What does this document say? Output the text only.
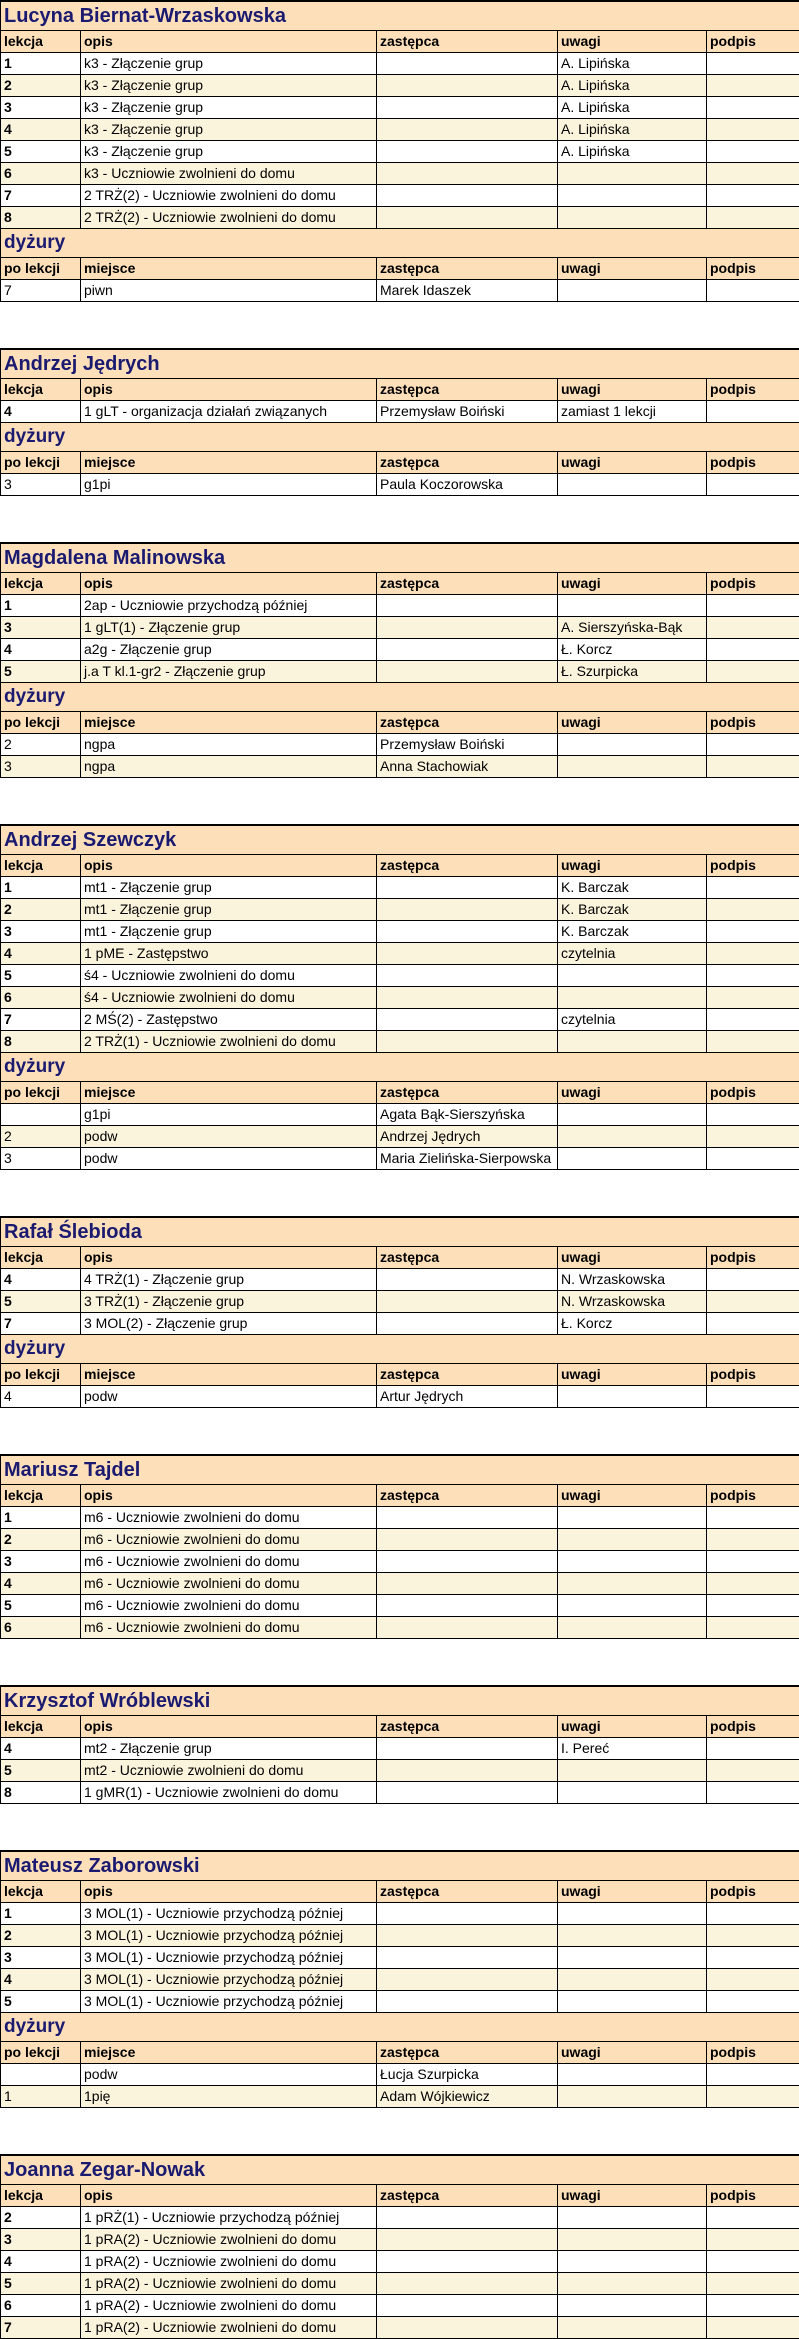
Lucyna Biernat-Wrzaskowska				
lekcja	opis	zastępca	uwagi	podpis
1	k3 - Złączenie grup		A. Lipińska	
2	k3 - Złączenie grup		A. Lipińska	
3	k3 - Złączenie grup		A. Lipińska	
4	k3 - Złączenie grup		A. Lipińska	
5	k3 - Złączenie grup		A. Lipińska	
6	k3 - Uczniowie zwolnieni do domu			
7	2 TRŻ(2) - Uczniowie zwolnieni do domu			
8	2 TRŻ(2) - Uczniowie zwolnieni do domu			
dyżury				
po lekcji	miejsce	zastępca	uwagi	podpis
7	piwn	Marek Idaszek		
Andrzej Jędrych				
lekcja	opis	zastępca	uwagi	podpis
4	1 gLT - organizacja działań związanych	Przemysław Boiński	zamiast 1 lekcji	
dyżury				
po lekcji	miejsce	zastępca	uwagi	podpis
3	g1pi	Paula Koczorowska		
Magdalena Malinowska				
lekcja	opis	zastępca	uwagi	podpis
1	2ap - Uczniowie przychodzą później			
3	1 gLT(1) - Złączenie grup		A. Sierszyńska-Bąk	
4	a2g - Złączenie grup		Ł. Korcz	
5	j.a T kl.1-gr2 - Złączenie grup		Ł. Szurpicka	
dyżury				
po lekcji	miejsce	zastępca	uwagi	podpis
2	ngpa	Przemysław Boiński		
3	ngpa	Anna Stachowiak		
Andrzej Szewczyk				
lekcja	opis	zastępca	uwagi	podpis
1	mt1 - Złączenie grup		K. Barczak	
2	mt1 - Złączenie grup		K. Barczak	
3	mt1 - Złączenie grup		K. Barczak	
4	1 pME - Zastępstwo		czytelnia	
5	ś4 - Uczniowie zwolnieni do domu			
6	ś4 - Uczniowie zwolnieni do domu			
7	2 MŚ(2) - Zastępstwo		czytelnia	
8	2 TRŻ(1) - Uczniowie zwolnieni do domu			
dyżury				
po lekcji	miejsce	zastępca	uwagi	podpis
	g1pi	Agata Bąk-Sierszyńska		
2	podw	Andrzej Jędrych		
3	podw	Maria Zielińska-Sierpowska		
Rafał Ślebioda				
lekcja	opis	zastępca	uwagi	podpis
4	4 TRŻ(1) - Złączenie grup		N. Wrzaskowska	
5	3 TRŻ(1) - Złączenie grup		N. Wrzaskowska	
7	3 MOL(2) - Złączenie grup		Ł. Korcz	
dyżury				
po lekcji	miejsce	zastępca	uwagi	podpis
4	podw	Artur Jędrych		
Mariusz Tajdel				
lekcja	opis	zastępca	uwagi	podpis
1	m6 - Uczniowie zwolnieni do domu			
2	m6 - Uczniowie zwolnieni do domu			
3	m6 - Uczniowie zwolnieni do domu			
4	m6 - Uczniowie zwolnieni do domu			
5	m6 - Uczniowie zwolnieni do domu			
6	m6 - Uczniowie zwolnieni do domu			
Krzysztof Wróblewski				
lekcja	opis	zastępca	uwagi	podpis
4	mt2 - Złączenie grup		I. Pereć	
5	mt2 - Uczniowie zwolnieni do domu			
8	1 gMR(1) - Uczniowie zwolnieni do domu			
Mateusz Zaborowski				
lekcja	opis	zastępca	uwagi	podpis
1	3 MOL(1) - Uczniowie przychodzą później			
2	3 MOL(1) - Uczniowie przychodzą później			
3	3 MOL(1) - Uczniowie przychodzą później			
4	3 MOL(1) - Uczniowie przychodzą później			
5	3 MOL(1) - Uczniowie przychodzą później			
dyżury				
po lekcji	miejsce	zastępca	uwagi	podpis
	podw	Łucja Szurpicka		
1	1pię	Adam Wójkiewicz		
Joanna Zegar-Nowak				
lekcja	opis	zastępca	uwagi	podpis
2	1 pRŻ(1) - Uczniowie przychodzą później			
3	1 pRA(2) - Uczniowie zwolnieni do domu			
4	1 pRA(2) - Uczniowie zwolnieni do domu			
5	1 pRA(2) - Uczniowie zwolnieni do domu			
6	1 pRA(2) - Uczniowie zwolnieni do domu			
7	1 pRA(2) - Uczniowie zwolnieni do domu			
